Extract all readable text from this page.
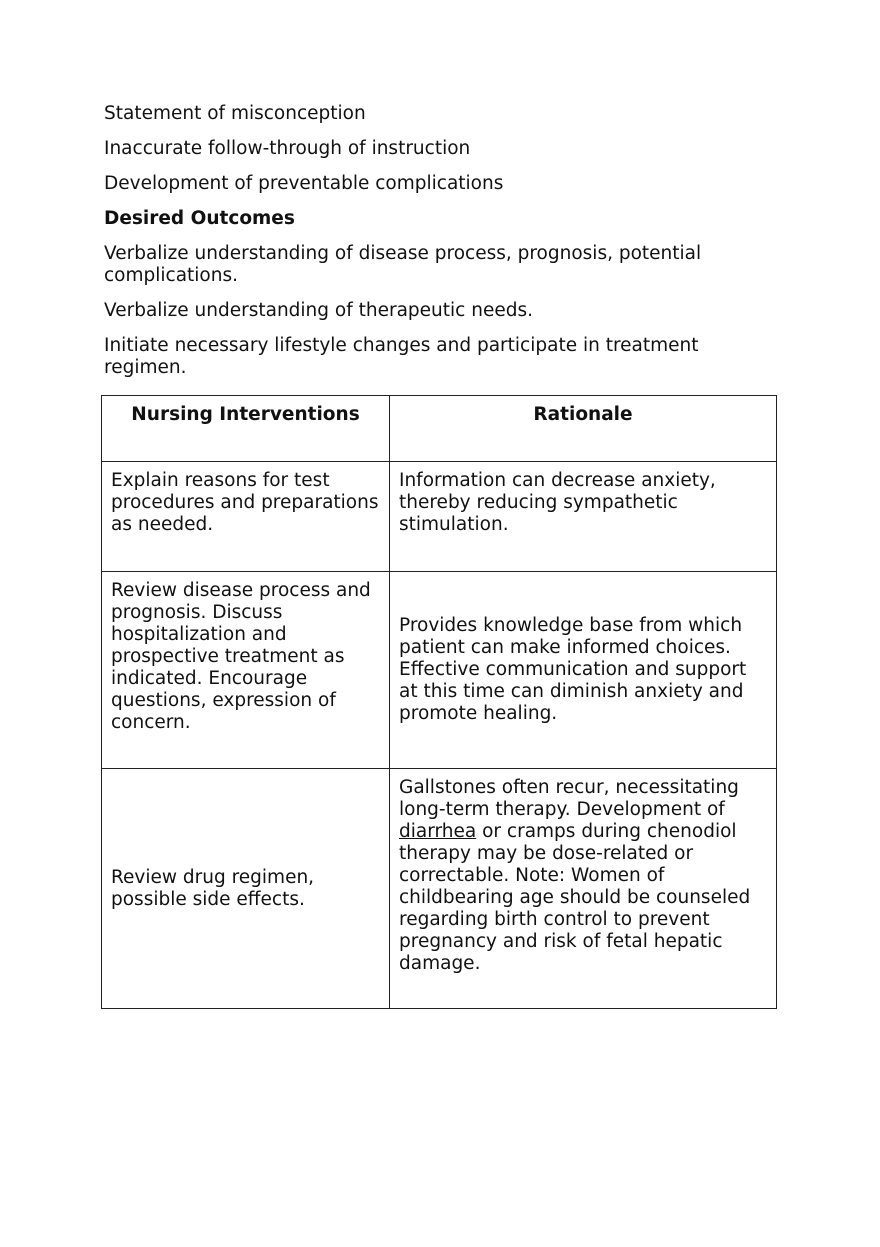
Statement of misconception

Inaccurate follow-through of instruction

Development of preventable complications

Desired Outcomes

Verbalize understanding of disease process, prognosis, potential complications.

Verbalize understanding of therapeutic needs.

Initiate necessary lifestyle changes and participate in treatment regimen.

Nursing Interventions	Rationale
Explain reasons for test procedures and preparations as needed.	Information can decrease anxiety, thereby reducing sympathetic stimulation.
Review disease process and prognosis. Discuss hospitalization and prospective treatment as indicated. Encourage questions, expression of concern.	Provides knowledge base from which patient can make informed choices. Effective communication and support at this time can diminish anxiety and promote healing.
Review drug regimen, possible side effects.	Gallstones often recur, necessitating long-term therapy. Development of diarrhea or cramps during chenodiol therapy may be dose-related or correctable. Note: Women of childbearing age should be counseled regarding birth control to prevent pregnancy and risk of fetal hepatic damage.
